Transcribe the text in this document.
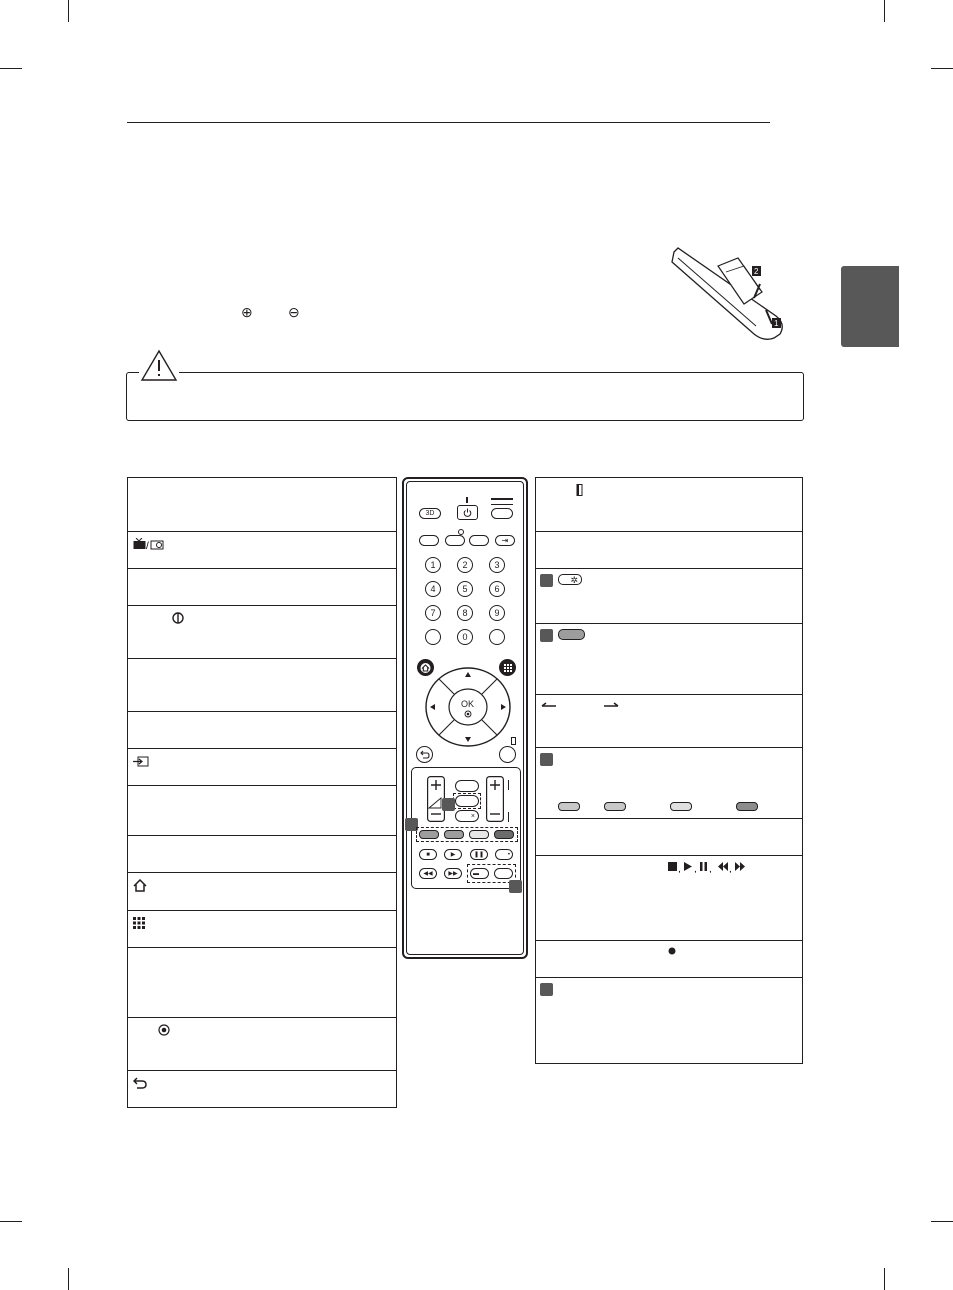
⊕	⊖
2
1
/
✲
, , , ,
3D
⇥
1	2	3
4	5	6
7	8	9
0
OK
×
■	▶	❚❚	•
◀◀	▶▶	▬
